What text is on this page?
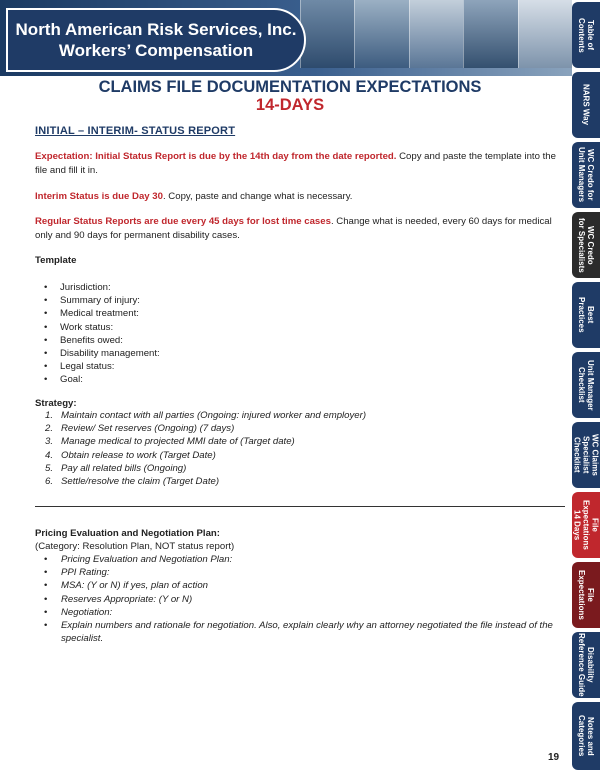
North American Risk Services, Inc.
Workers’ Compensation
CLAIMS FILE DOCUMENTATION EXPECTATIONS
14-DAYS
INITIAL – INTERIM- STATUS REPORT
Expectation: Initial Status Report is due by the 14th day from the date reported. Copy and paste the template into the file and fill it in.
Interim Status is due Day 30. Copy, paste and change what is necessary.
Regular Status Reports are due every 45 days for lost time cases. Change what is needed, every 60 days for medical only and 90 days for permanent disability cases.
Template
• Jurisdiction:
• Summary of injury:
• Medical treatment:
• Work status:
• Benefits owed:
• Disability management:
• Legal status:
• Goal:
Strategy:
1. Maintain contact with all parties (Ongoing: injured worker and employer)
2. Review/ Set reserves (Ongoing) (7 days)
3. Manage medical to projected MMI date of (Target date)
4. Obtain release to work (Target Date)
5. Pay all related bills (Ongoing)
6. Settle/resolve the claim (Target Date)
Pricing Evaluation and Negotiation Plan:
(Category: Resolution Plan, NOT status report)
• Pricing Evaluation and Negotiation Plan:
• PPI Rating:
• MSA: (Y or N) if yes, plan of action
• Reserves Appropriate: (Y or N)
• Negotiation:
• Explain numbers and rationale for negotiation. Also, explain clearly why an attorney negotiated the file instead of the specialist.
19
Table of
Contents
NARS Way
WC Credo for
Unit Managers
WC Credo
for Specialists
Best
Practices
Unit Manager
Checklist
WC Claims
Specialist
Checklist
File
Expectations
14 Days
File
Expectations
Disability
Reference Guide
Notes and
Categories
